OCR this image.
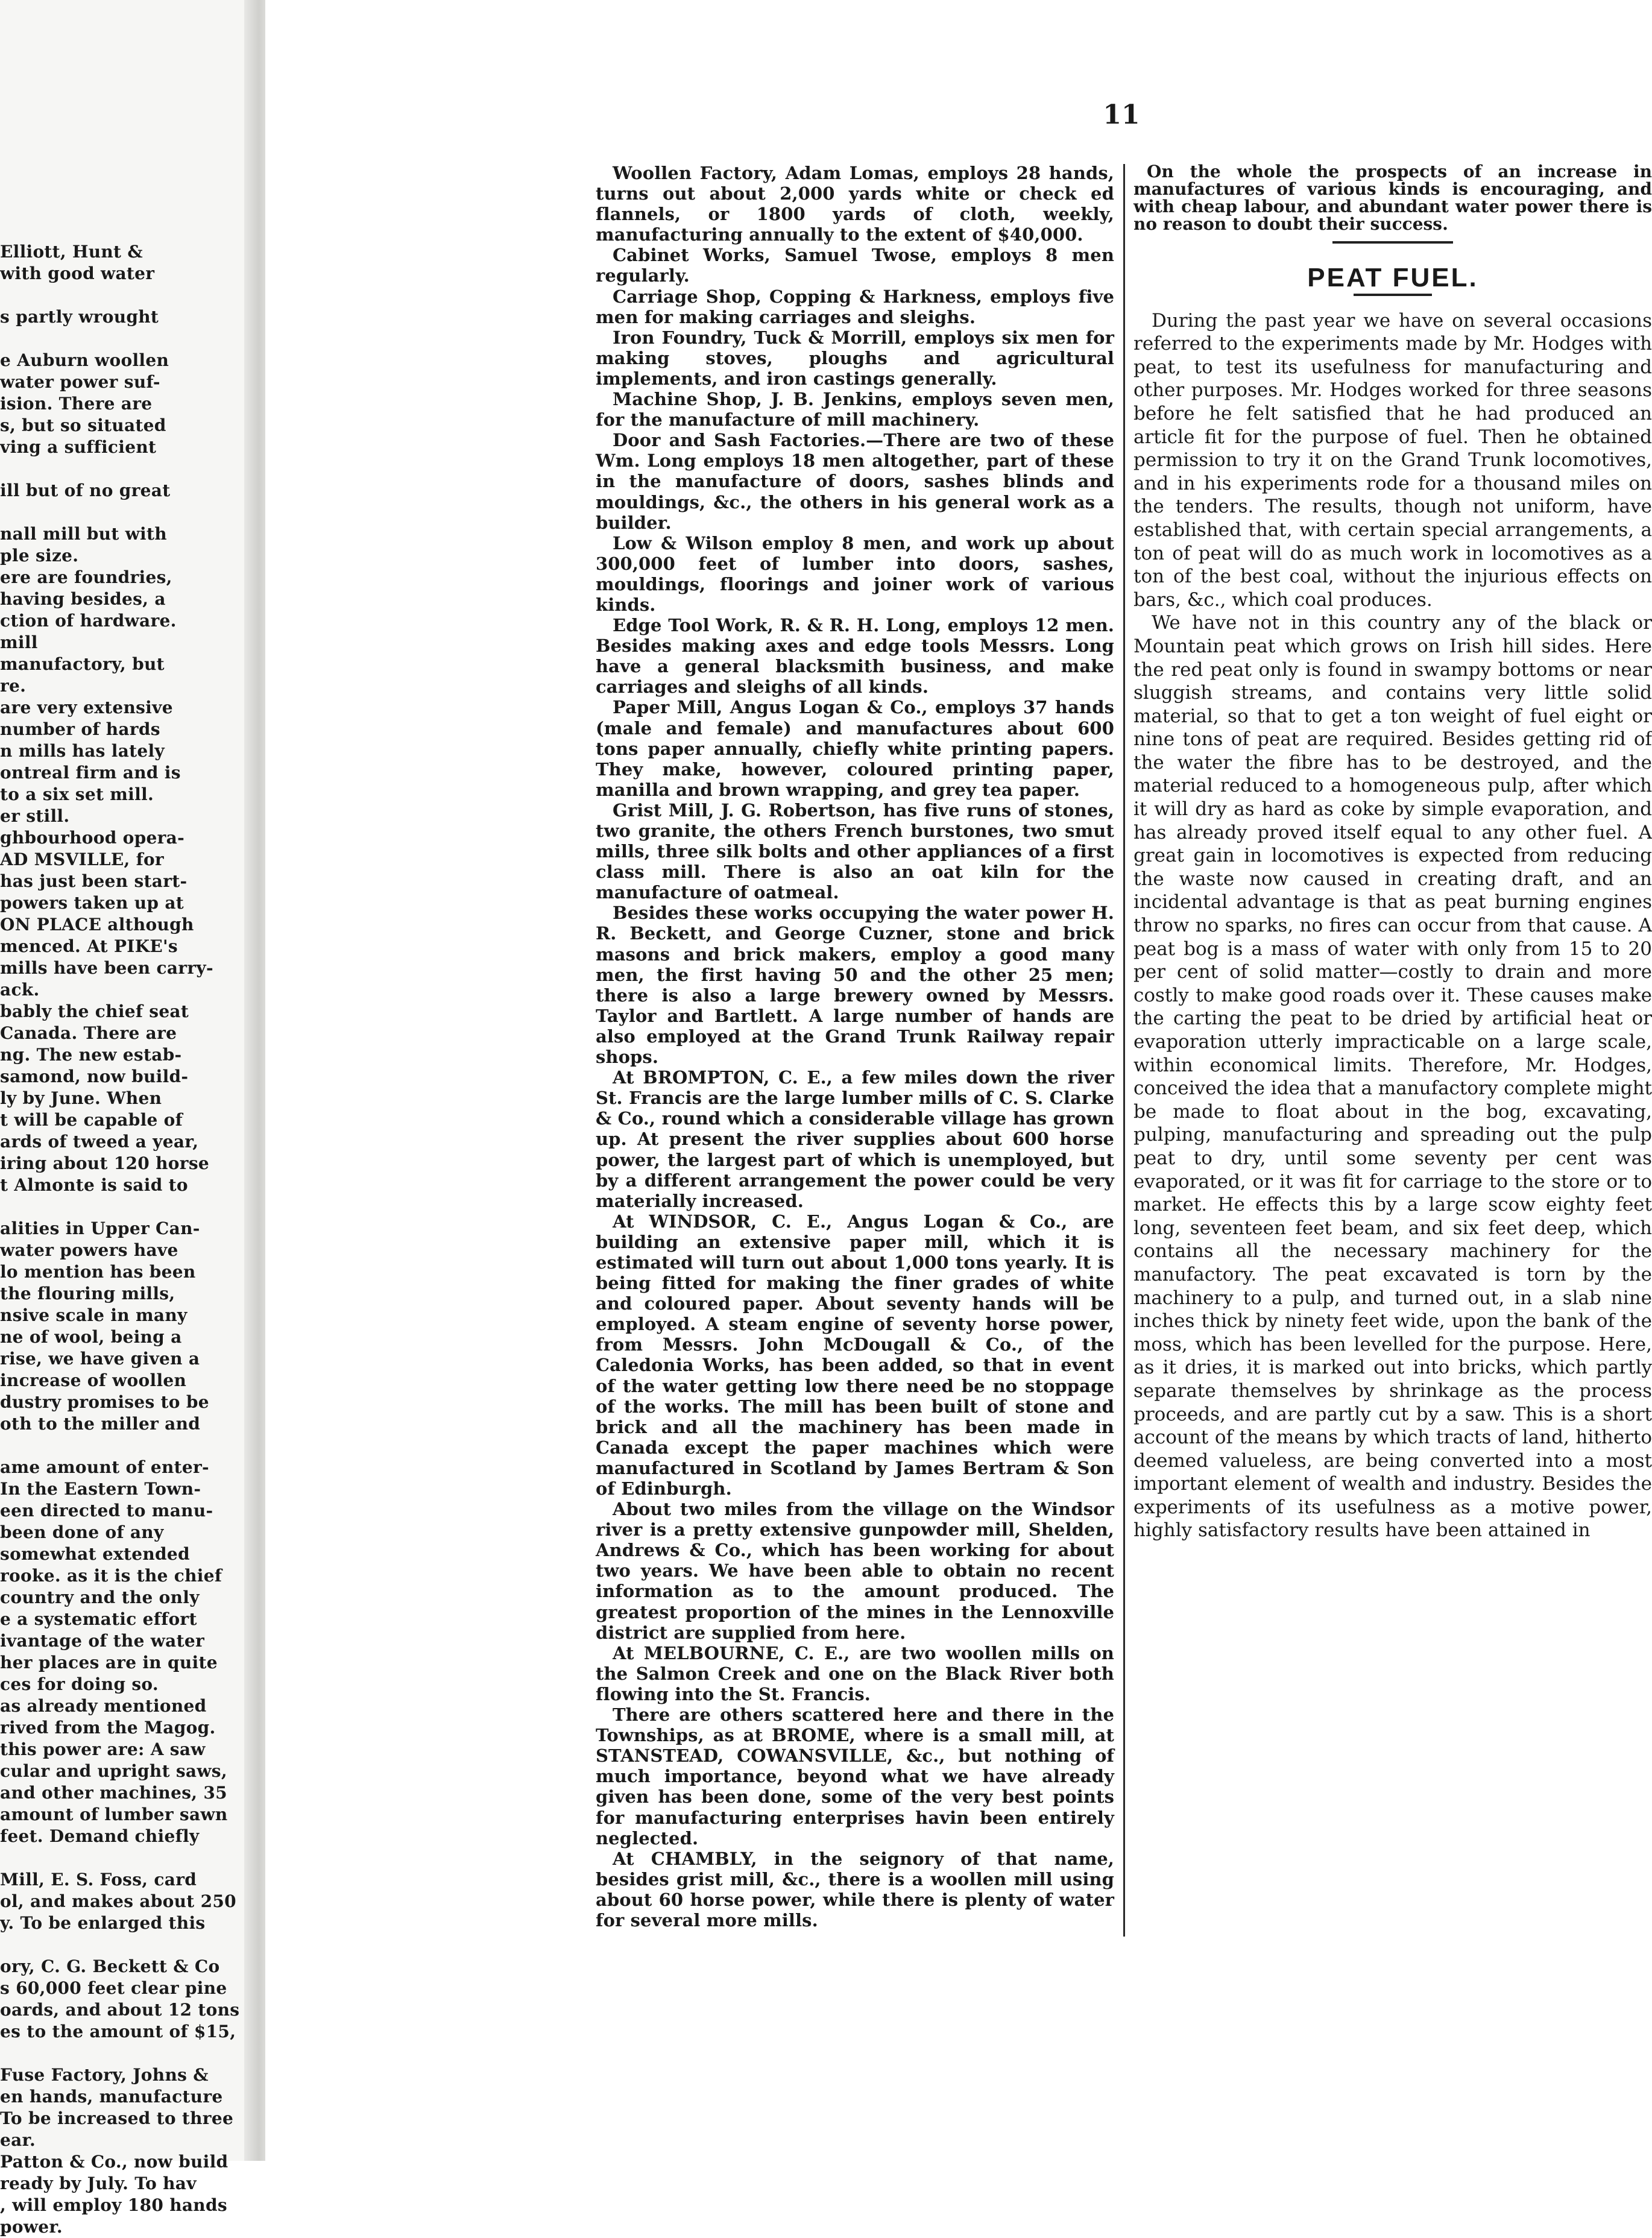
Elliott, Hunt &

with good water

s partly wrought

e Auburn woollen

water power suf-

ision. There are

s, but so situated

ving a sufficient

ill but of no great

nall mill but with

ple size.

ere are foundries,

having besides, a

ction of hardware.

mill

manufactory, but

re.

are very extensive

number of hards

n mills has lately

ontreal firm and is

to a six set mill.

er still.

ghbourhood opera-

AD MSVILLE, for

has just been start-

powers taken up at

ON PLACE although

menced. At PIKE's

mills have been carry-

ack.

bably the chief seat

Canada. There are

ng. The new estab-

samond, now build-

ly by June. When

t will be capable of

ards of tweed a year,

iring about 120 horse

t Almonte is said to

alities in Upper Can-

water powers have

lo mention has been

the flouring mills,

nsive scale in many

ne of wool, being a

rise, we have given a

increase of woollen

dustry promises to be

oth to the miller and

ame amount of enter-

In the Eastern Town-

een directed to manu-

been done of any

somewhat extended

rooke. as it is the chief

country and the only

e a systematic effort

ivantage of the water

her places are in quite

ces for doing so.

as already mentioned

rived from the Magog.

this power are: A saw

cular and upright saws,

and other machines, 35

amount of lumber sawn

feet. Demand chiefly

Mill, E. S. Foss, card

ol, and makes about 250

y. To be enlarged this

ory, C. G. Beckett & Co

s 60,000 feet clear pine

oards, and about 12 tons

es to the amount of $15,

Fuse Factory, Johns &

en hands, manufacture

To be increased to three

ear.

Patton & Co., now build

ready by July. To hav

, will employ 180 hands

power.

11

Woollen Factory, Adam Lomas, employs 28 hands, turns out about 2,000 yards white or check ed flannels, or 1800 yards of cloth, weekly, manufacturing annually to the extent of $40,000.

Cabinet Works, Samuel Twose, employs 8 men regularly.

Carriage Shop, Copping & Harkness, employs five men for making carriages and sleighs.

Iron Foundry, Tuck & Morrill, employs six men for making stoves, ploughs and agricultural implements, and iron castings generally.

Machine Shop, J. B. Jenkins, employs seven men, for the manufacture of mill machinery.

Door and Sash Factories.—There are two of these Wm. Long employs 18 men altogether, part of these in the manufacture of doors, sashes blinds and mouldings, &c., the others in his general work as a builder.

Low & Wilson employ 8 men, and work up about 300,000 feet of lumber into doors, sashes, mouldings, floorings and joiner work of various kinds.

Edge Tool Work, R. & R. H. Long, employs 12 men. Besides making axes and edge tools Messrs. Long have a general blacksmith business, and make carriages and sleighs of all kinds.

Paper Mill, Angus Logan & Co., employs 37 hands (male and female) and manufactures about 600 tons paper annually, chiefly white printing papers. They make, however, coloured printing paper, manilla and brown wrapping, and grey tea paper.

Grist Mill, J. G. Robertson, has five runs of stones, two granite, the others French burstones, two smut mills, three silk bolts and other appliances of a first class mill. There is also an oat kiln for the manufacture of oatmeal.

Besides these works occupying the water power H. R. Beckett, and George Cuzner, stone and brick masons and brick makers, employ a good many men, the first having 50 and the other 25 men; there is also a large brewery owned by Messrs. Taylor and Bartlett. A large number of hands are also employed at the Grand Trunk Railway repair shops.

At BROMPTON, C. E., a few miles down the river St. Francis are the large lumber mills of C. S. Clarke & Co., round which a considerable village has grown up. At present the river supplies about 600 horse power, the largest part of which is unemployed, but by a different arrangement the power could be very materially increased.

At WINDSOR, C. E., Angus Logan & Co., are building an extensive paper mill, which it is estimated will turn out about 1,000 tons yearly. It is being fitted for making the finer grades of white and coloured paper. About seventy hands will be employed. A steam engine of seventy horse power, from Messrs. John McDougall & Co., of the Caledonia Works, has been added, so that in event of the water getting low there need be no stoppage of the works. The mill has been built of stone and brick and all the machinery has been made in Canada except the paper machines which were manufactured in Scotland by James Bertram & Son of Edinburgh.

About two miles from the village on the Windsor river is a pretty extensive gunpowder mill, Shelden, Andrews & Co., which has been working for about two years. We have been able to obtain no recent information as to the amount produced. The greatest proportion of the mines in the Lennoxville district are supplied from here.

At MELBOURNE, C. E., are two woollen mills on the Salmon Creek and one on the Black River both flowing into the St. Francis.

There are others scattered here and there in the Townships, as at BROME, where is a small mill, at STANSTEAD, COWANSVILLE, &c., but nothing of much importance, beyond what we have already given has been done, some of the very best points for manufacturing enterprises havin been entirely neglected.

At CHAMBLY, in the seignory of that name, besides grist mill, &c., there is a woollen mill using about 60 horse power, while there is plenty of water for several more mills.

On the whole the prospects of an increase in manufactures of various kinds is encouraging, and with cheap labour, and abundant water power there is no reason to doubt their success.

PEAT FUEL.

During the past year we have on several occasions referred to the experiments made by Mr. Hodges with peat, to test its usefulness for manufacturing and other purposes. Mr. Hodges worked for three seasons before he felt satisfied that he had produced an article fit for the purpose of fuel. Then he obtained permission to try it on the Grand Trunk locomotives, and in his experiments rode for a thousand miles on the tenders. The results, though not uniform, have established that, with certain special arrangements, a ton of peat will do as much work in locomotives as a ton of the best coal, without the injurious effects on bars, &c., which coal produces.

We have not in this country any of the black or Mountain peat which grows on Irish hill sides. Here the red peat only is found in swampy bottoms or near sluggish streams, and contains very little solid material, so that to get a ton weight of fuel eight or nine tons of peat are required. Besides getting rid of the water the fibre has to be destroyed, and the material reduced to a homogeneous pulp, after which it will dry as hard as coke by simple evaporation, and has already proved itself equal to any other fuel. A great gain in locomotives is expected from reducing the waste now caused in creating draft, and an incidental advantage is that as peat burning engines throw no sparks, no fires can occur from that cause. A peat bog is a mass of water with only from 15 to 20 per cent of solid matter—costly to drain and more costly to make good roads over it. These causes make the carting the peat to be dried by artificial heat or evaporation utterly impracticable on a large scale, within economical limits. Therefore, Mr. Hodges, conceived the idea that a manufactory complete might be made to float about in the bog, excavating, pulping, manufacturing and spreading out the pulp peat to dry, until some seventy per cent was evaporated, or it was fit for carriage to the store or to market. He effects this by a large scow eighty feet long, seventeen feet beam, and six feet deep, which contains all the necessary machinery for the manufactory. The peat excavated is torn by the machinery to a pulp, and turned out, in a slab nine inches thick by ninety feet wide, upon the bank of the moss, which has been levelled for the purpose. Here, as it dries, it is marked out into bricks, which partly separate themselves by shrinkage as the process proceeds, and are partly cut by a saw. This is a short account of the means by which tracts of land, hitherto deemed valueless, are being converted into a most important element of wealth and industry. Besides the experiments of its usefulness as a motive power, highly satisfactory results have been attained in
